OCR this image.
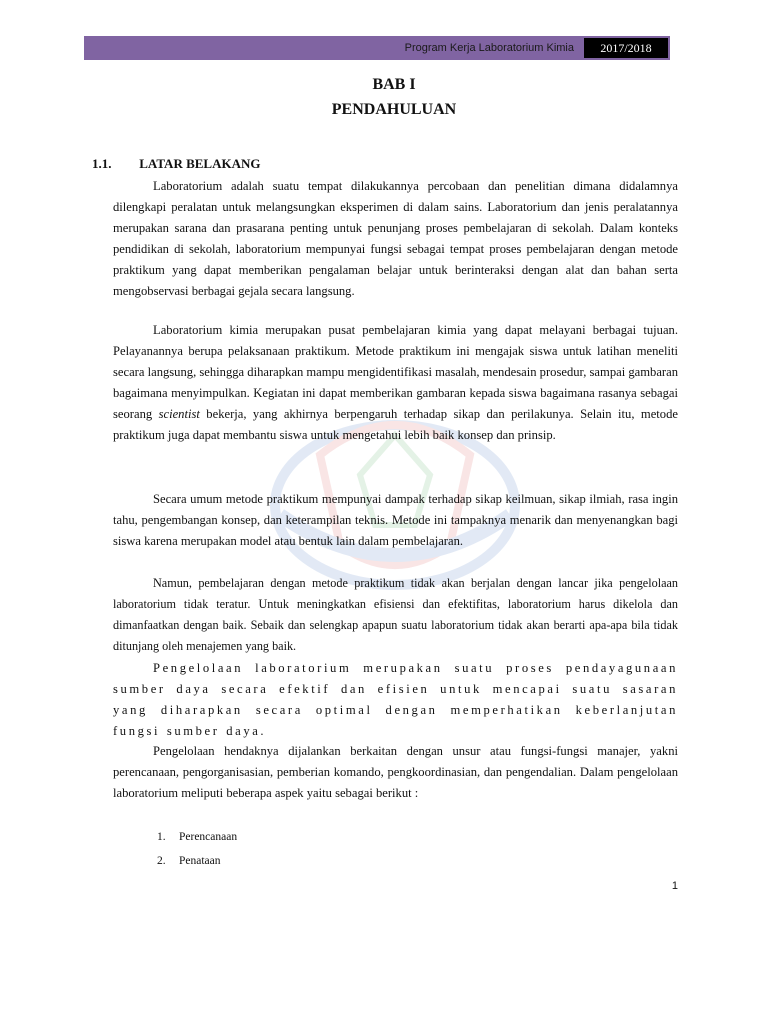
Program Kerja Laboratorium Kimia	2017/2018
BAB I
PENDAHULUAN
1.1. LATAR BELAKANG

Laboratorium adalah suatu tempat dilakukannya percobaan dan penelitian dimana didalamnya dilengkapi peralatan untuk melangsungkan eksperimen di dalam sains. Laboratorium dan jenis peralatannya merupakan sarana dan prasarana penting untuk penunjang proses pembelajaran di sekolah. Dalam konteks pendidikan di sekolah, laboratorium mempunyai fungsi sebagai tempat proses pembelajaran dengan metode praktikum yang dapat memberikan pengalaman belajar untuk berinteraksi dengan alat dan bahan serta mengobservasi berbagai gejala secara langsung.

Laboratorium kimia merupakan pusat pembelajaran kimia yang dapat melayani berbagai tujuan. Pelayanannya berupa pelaksanaan praktikum. Metode praktikum ini mengajak siswa untuk latihan meneliti secara langsung, sehingga diharapkan mampu mengidentifikasi masalah, mendesain prosedur, sampai gambaran bagaimana menyimpulkan. Kegiatan ini dapat memberikan gambaran kepada siswa bagaimana rasanya sebagai seorang scientist bekerja, yang akhirnya berpengaruh terhadap sikap dan perilakunya. Selain itu, metode praktikum juga dapat membantu siswa untuk mengetahui lebih baik konsep dan prinsip.

Secara umum metode praktikum mempunyai dampak terhadap sikap keilmuan, sikap ilmiah, rasa ingin tahu, pengembangan konsep, dan keterampilan teknis. Metode ini tampaknya menarik dan menyenangkan bagi siswa karena merupakan model atau bentuk lain dalam pembelajaran.

Namun, pembelajaran dengan metode praktikum tidak akan berjalan dengan lancar jika pengelolaan laboratorium tidak teratur. Untuk meningkatkan efisiensi dan efektifitas, laboratorium harus dikelola dan dimanfaatkan dengan baik. Sebaik dan selengkap apapun suatu laboratorium tidak akan berarti apa-apa bila tidak ditunjang oleh menajemen yang baik.

Pengelolaan laboratorium merupakan suatu proses pendayagunaan sumber daya secara efektif dan efisien untuk mencapai suatu sasaran yang diharapkan secara optimal dengan memperhatikan keberlanjutan fungsi sumber daya.

Pengelolaan hendaknya dijalankan berkaitan dengan unsur atau fungsi-fungsi manajer, yakni perencanaan, pengorganisasian, pemberian komando, pengkoordinasian, dan pengendalian. Dalam pengelolaan laboratorium meliputi beberapa aspek yaitu sebagai berikut :

1. Perencanaan
2. Penataan
1
